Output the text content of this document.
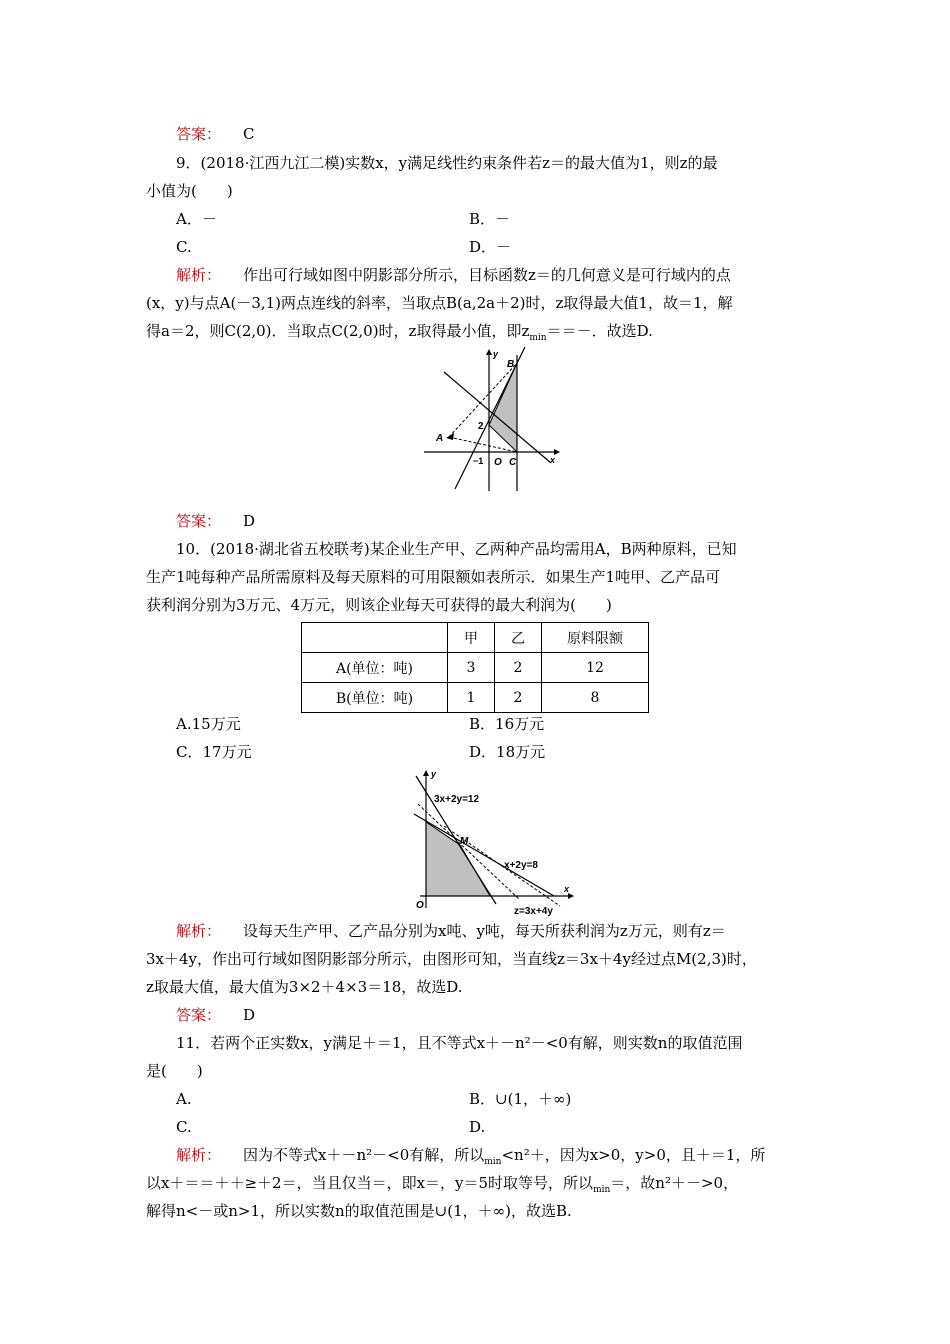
答案： C
9．(2018·江西九江二模)实数x，y满足线性约束条件若z＝的最大值为1，则z的最
小值为(　　)
A．－	B．－
C.	D．－
解析： 作出可行域如图中阴影部分所示，目标函数z＝的几何意义是可行域内的点
(x，y)与点A(－3,1)两点连线的斜率，当取点B(a,2a＋2)时，z取得最大值1，故＝1，解
得a＝2，则C(2,0)．当取点C(2,0)时，z取得最小值，即$z_{min}==-$．故选D.
B
A
2
−1 O C	x
y
答案： D
10．(2018·湖北省五校联考)某企业生产甲、乙两种产品均需用A，B两种原料，已知
生产1吨每种产品所需原料及每天原料的可用限额如表所示．如果生产1吨甲、乙产品可
获利润分别为3万元、4万元，则该企业每天可获得的最大利润为(　　)
	甲	乙	原料限额
A(单位：吨)	3	2	12
B(单位：吨)	1	2	8
A.15万元	B．16万元
C．17万元	D．18万元
y
3x+2y=12
M
x+2y=8
O
x
z=3x+4y
解析： 设每天生产甲、乙产品分别为x吨、y吨，每天所获利润为z万元，则有z＝
3x＋4y，作出可行域如图阴影部分所示，由图形可知，当直线z＝3x＋4y经过点M(2,3)时，
z取最大值，最大值为3×2＋4×3＝18，故选D.
答案： D
11．若两个正实数x，y满足＋＝1，且不等式x＋－n²－<0有解，则实数n的取值范围
是(　　)
A.	B．∪(1，＋∞)
C.	D.
解析： 因为不等式x＋－n²－<0有解，所以$_{min}$<n²＋，因为x>0，y>0，且＋＝1，所
以x＋＝＝＋＋≥＋2＝，当且仅当＝，即x＝，y＝5时取等号，所以$_{min}$＝，故n²＋－>0，
解得n<－或n>1，所以实数n的取值范围是∪(1，＋∞)，故选B.
